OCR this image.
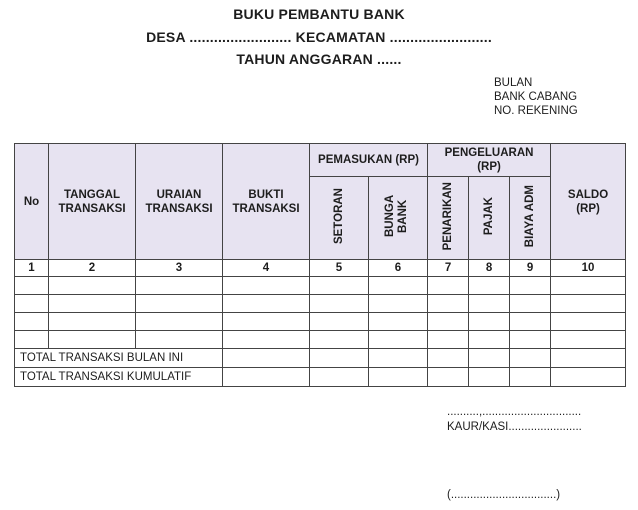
BUKU PEMBANTU BANK
DESA ......................... KECAMATAN .........................
TAHUN ANGGARAN ......
BULAN
BANK CABANG
NO. REKENING
No	TANGGAL TRANSAKSI	URAIAN TRANSAKSI	BUKTI TRANSAKSI	PEMASUKAN (RP)		PENGELUARAN (RP)			SALDO (RP)

				SETORAN	BUNGA BANK	PENARIKAN	PAJAK	BIAYA ADM	
1	2	3	4	5	6	7	8	9	10

TOTAL TRANSAKSI BULAN INI									
TOTAL TRANSAKSI KUMULATIF									
..........,...............................
KAUR/KASI.......................
(.................................)
